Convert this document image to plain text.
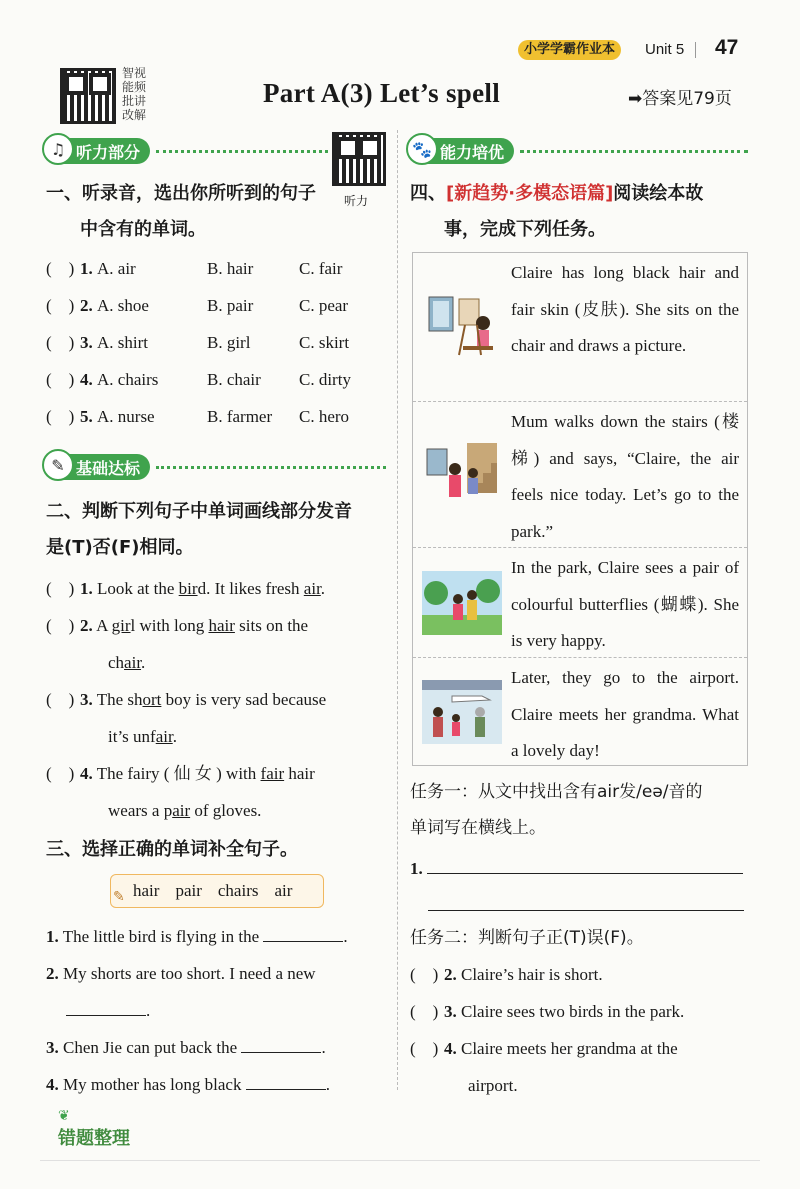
小学学霸作业本	Unit 5 47
智视
能频
批讲
改解
Part A(3) Let’s spell	➡答案见79页
♫ 听力部分
听力
一、听录音，选出你所听到的句子
中含有的单词。
(    ) 1. A. air	B. hair	C. fair
(    ) 2. A. shoe	B. pair	C. pear
(    ) 3. A. shirt	B. girl	C. skirt
(    ) 4. A. chairs	B. chair C. dirty
(    ) 5. A. nurse	B. farmer C. hero
✎ 基础达标
二、判断下列句子中单词画线部分发音
是(T)否(F)相同。
(    ) 1. Look at the bird. It likes fresh air.
(    ) 2. A girl with long hair sits on the
chair.
(    ) 3. The short boy is very sad because
it’s unfair.
(    ) 4. The fairy ( 仙 女 ) with fair hair
wears a pair of gloves.
三、选择正确的单词补全句子。
✎ hair pair chairs air
1. The little bird is flying in the	.
2. My shorts are too short. I need a new
.
3. Chen Jie can put back the	.
4. My mother has long black	.
🐾 能力培优
四、[新趋势·多模态语篇]阅读绘本故
事，完成下列任务。
Claire has long black hair and fair skin (皮肤). She sits on the chair and draws a picture.
Mum walks down the stairs (楼梯) and says, “Claire, the air feels nice today. Let’s go to the park.”
In the park, Claire sees a pair of colourful butterflies (蝴蝶). She is very happy.
Later, they go to the airport. Claire meets her grandma. What a lovely day!
任务一：从文中找出含有air发/eə/音的
单词写在横线上。
1.
任务二：判断句子正(T)误(F)。
(    ) 2. Claire’s hair is short.
(    ) 3. Claire sees two birds in the park.
(    ) 4. Claire meets her grandma at the
airport.
❦
错题整理
